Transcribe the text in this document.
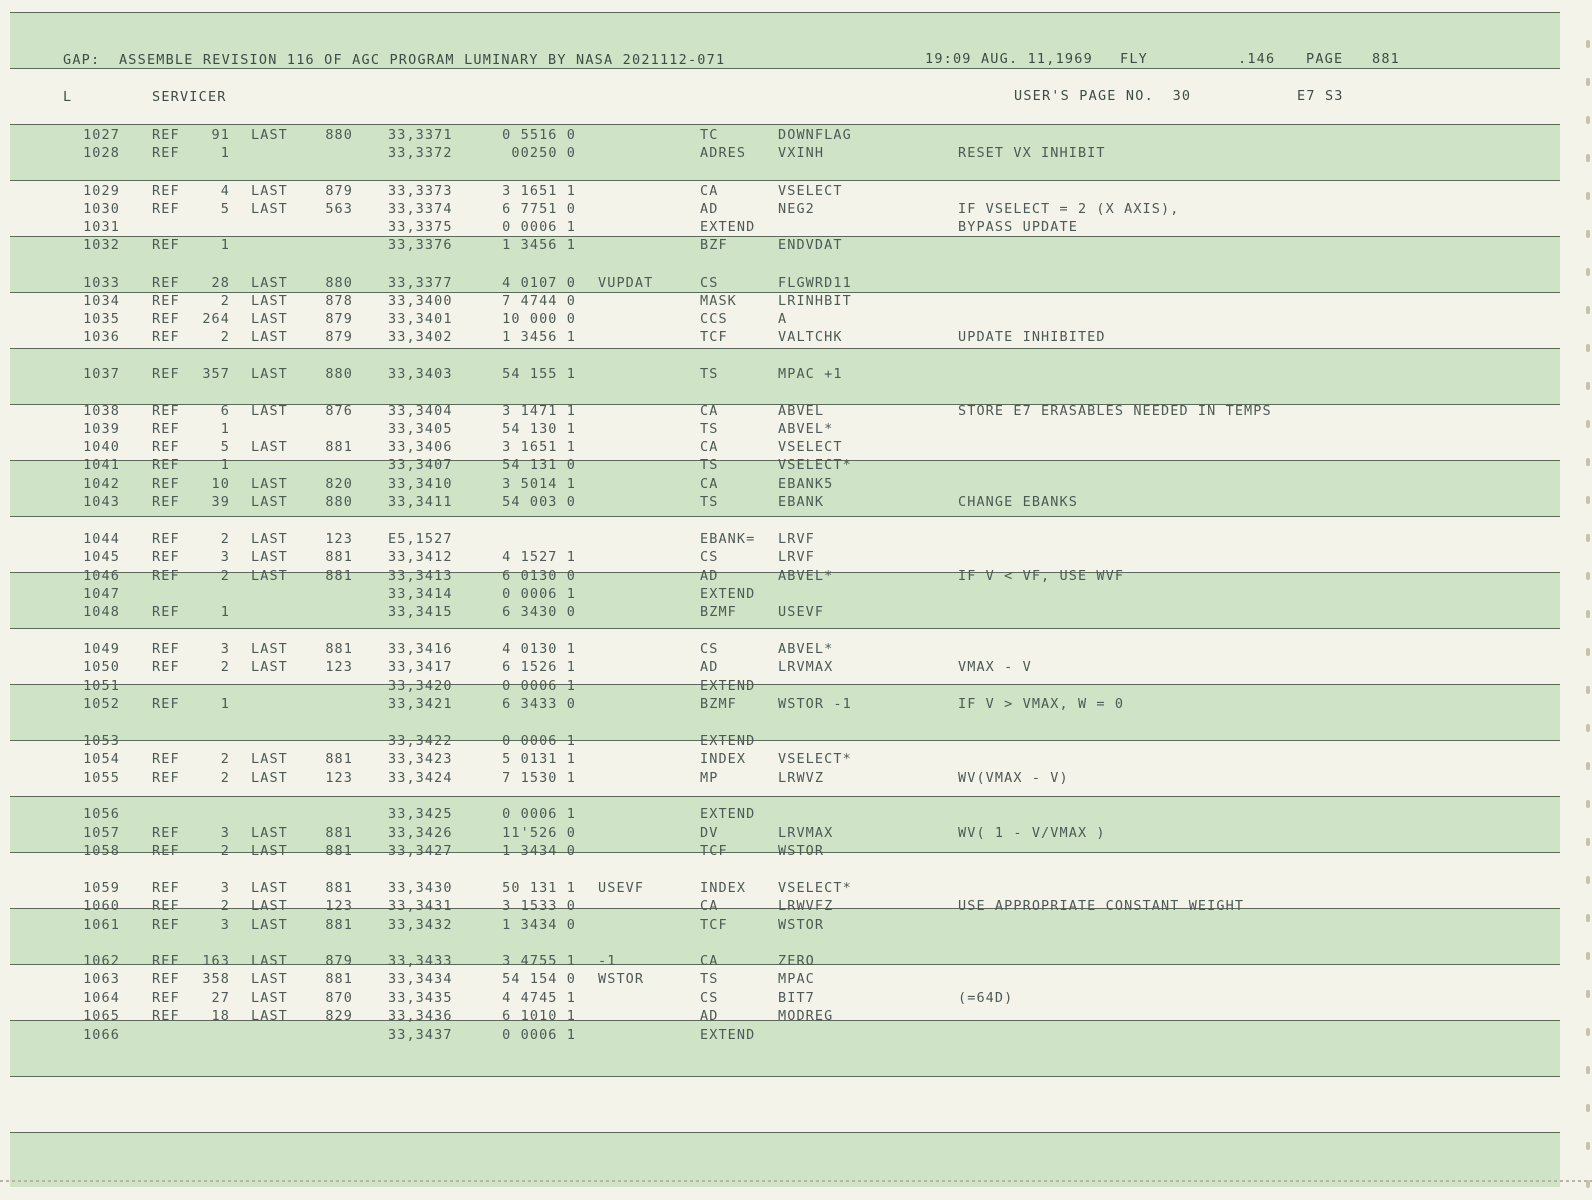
GAP:  ASSEMBLE REVISION 116 OF AGC PROGRAM LUMINARY BY NASA 2021112-071	19:09 AUG. 11,1969 FLY	.146 PAGE 881
L	SERVICER	USER'S PAGE NO.  30	E7 S3
1027 REF	91 LAST	880	33,3371	0 5516 0	TC	DOWNFLAG
1028 REF	1	33,3372	00250 0	ADRES VXINH	RESET VX INHIBIT
1029 REF	4 LAST	879	33,3373	3 1651 1	CA	VSELECT
1030 REF	5 LAST	563	33,3374	6 7751 0	AD	NEG2	IF VSELECT = 2 (X AXIS),
1031	33,3375	0 0006 1	EXTEND	BYPASS UPDATE
1032 REF	1	33,3376	1 3456 1	BZF	ENDVDAT
1033 REF	28 LAST	880	33,3377	4 0107 0 VUPDAT	CS	FLGWRD11
1034 REF	2 LAST	878	33,3400	7 4744 0	MASK	LRINHBIT
1035 REF	264 LAST	879	33,3401	10 000 0	CCS	A
1036 REF	2 LAST	879	33,3402	1 3456 1	TCF	VALTCHK	UPDATE INHIBITED
1037 REF	357 LAST	880	33,3403	54 155 1	TS	MPAC +1
1038 REF	6 LAST	876	33,3404	3 1471 1	CA	ABVEL	STORE E7 ERASABLES NEEDED IN TEMPS
1039 REF	1	33,3405	54 130 1	TS	ABVEL*
1040 REF	5 LAST	881	33,3406	3 1651 1	CA	VSELECT
1041 REF	1	33,3407	54 131 0	TS	VSELECT*
1042 REF	10 LAST	820	33,3410	3 5014 1	CA	EBANK5
1043 REF	39 LAST	880	33,3411	54 003 0	TS	EBANK	CHANGE EBANKS
1044 REF	2 LAST	123	E5,1527	EBANK= LRVF
1045 REF	3 LAST	881	33,3412	4 1527 1	CS	LRVF
1046 REF	2 LAST	881	33,3413	6 0130 0	AD	ABVEL*	IF V < VF, USE WVF
1047	33,3414	0 0006 1	EXTEND
1048 REF	1	33,3415	6 3430 0	BZMF	USEVF
1049 REF	3 LAST	881	33,3416	4 0130 1	CS	ABVEL*
1050 REF	2 LAST	123	33,3417	6 1526 1	AD	LRVMAX	VMAX - V
1051	33,3420	0 0006 1	EXTEND
1052 REF	1	33,3421	6 3433 0	BZMF	WSTOR -1	IF V > VMAX, W = 0
1053	33,3422	0 0006 1	EXTEND
1054 REF	2 LAST	881	33,3423	5 0131 1	INDEX VSELECT*
1055 REF	2 LAST	123	33,3424	7 1530 1	MP	LRWVZ	WV(VMAX - V)
1056	33,3425	0 0006 1	EXTEND
1057 REF	3 LAST	881	33,3426	11'526 0	DV	LRVMAX	WV( 1 - V/VMAX )
1058 REF	2 LAST	881	33,3427	1 3434 0	TCF	WSTOR
1059 REF	3 LAST	881	33,3430	50 131 1 USEVF	INDEX VSELECT*
1060 REF	2 LAST	123	33,3431	3 1533 0	CA	LRWVFZ	USE APPROPRIATE CONSTANT WEIGHT
1061 REF	3 LAST	881	33,3432	1 3434 0	TCF	WSTOR
1062 REF	163 LAST	879	33,3433	3 4755 1 -1	CA	ZERO
1063 REF	358 LAST	881	33,3434	54 154 0 WSTOR	TS	MPAC
1064 REF	27 LAST	870	33,3435	4 4745 1	CS	BIT7	(=64D)
1065 REF	18 LAST	829	33,3436	6 1010 1	AD	MODREG
1066	33,3437	0 0006 1	EXTEND
